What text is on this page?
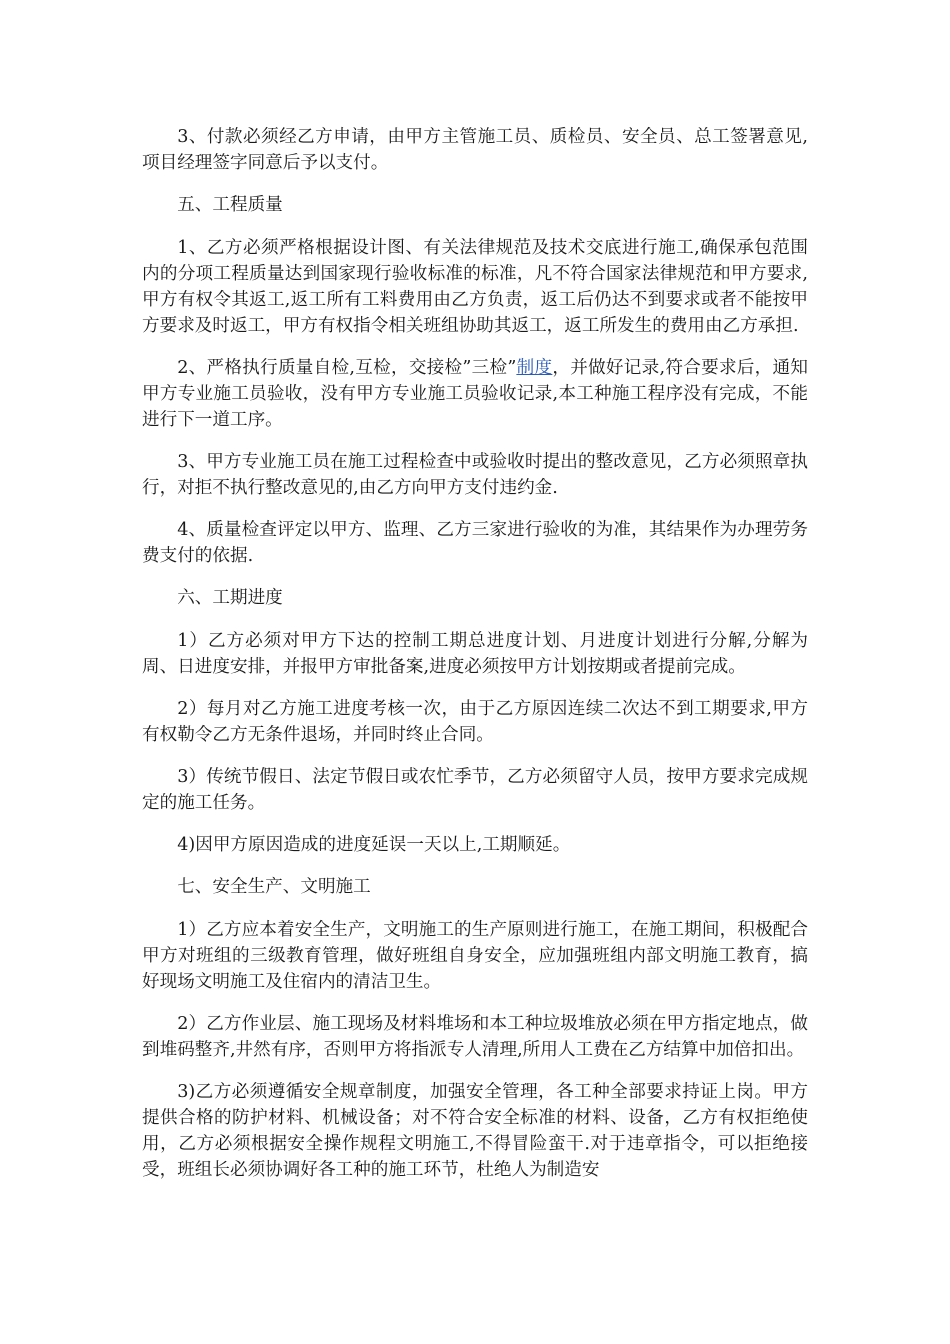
3、付款必须经乙方申请，由甲方主管施工员、质检员、安全员、总工签署意见,项目经理签字同意后予以支付。

五、工程质量

1、乙方必须严格根据设计图、有关法律规范及技术交底进行施工,确保承包范围内的分项工程质量达到国家现行验收标准的标准，凡不符合国家法律规范和甲方要求,甲方有权令其返工,返工所有工料费用由乙方负责，返工后仍达不到要求或者不能按甲方要求及时返工，甲方有权指令相关班组协助其返工，返工所发生的费用由乙方承担.

2、严格执行质量自检,互检，交接检”三检”制度，并做好记录,符合要求后，通知甲方专业施工员验收，没有甲方专业施工员验收记录,本工种施工程序没有完成，不能进行下一道工序。

3、甲方专业施工员在施工过程检查中或验收时提出的整改意见，乙方必须照章执行，对拒不执行整改意见的,由乙方向甲方支付违约金.

4、质量检查评定以甲方、监理、乙方三家进行验收的为准，其结果作为办理劳务费支付的依据.

六、工期进度

1）乙方必须对甲方下达的控制工期总进度计划、月进度计划进行分解,分解为周、日进度安排，并报甲方审批备案,进度必须按甲方计划按期或者提前完成。

2）每月对乙方施工进度考核一次，由于乙方原因连续二次达不到工期要求,甲方有权勒令乙方无条件退场，并同时终止合同。

3）传统节假日、法定节假日或农忙季节，乙方必须留守人员，按甲方要求完成规定的施工任务。

4)因甲方原因造成的进度延误一天以上,工期顺延。

七、安全生产、文明施工

1）乙方应本着安全生产，文明施工的生产原则进行施工，在施工期间，积极配合甲方对班组的三级教育管理，做好班组自身安全，应加强班组内部文明施工教育，搞好现场文明施工及住宿内的清洁卫生。

2）乙方作业层、施工现场及材料堆场和本工种垃圾堆放必须在甲方指定地点，做到堆码整齐,井然有序，否则甲方将指派专人清理,所用人工费在乙方结算中加倍扣出。

3)乙方必须遵循安全规章制度，加强安全管理，各工种全部要求持证上岗。甲方提供合格的防护材料、机械设备；对不符合安全标准的材料、设备，乙方有权拒绝使用，乙方必须根据安全操作规程文明施工,不得冒险蛮干.对于违章指令，可以拒绝接受，班组长必须协调好各工种的施工环节，杜绝人为制造安
